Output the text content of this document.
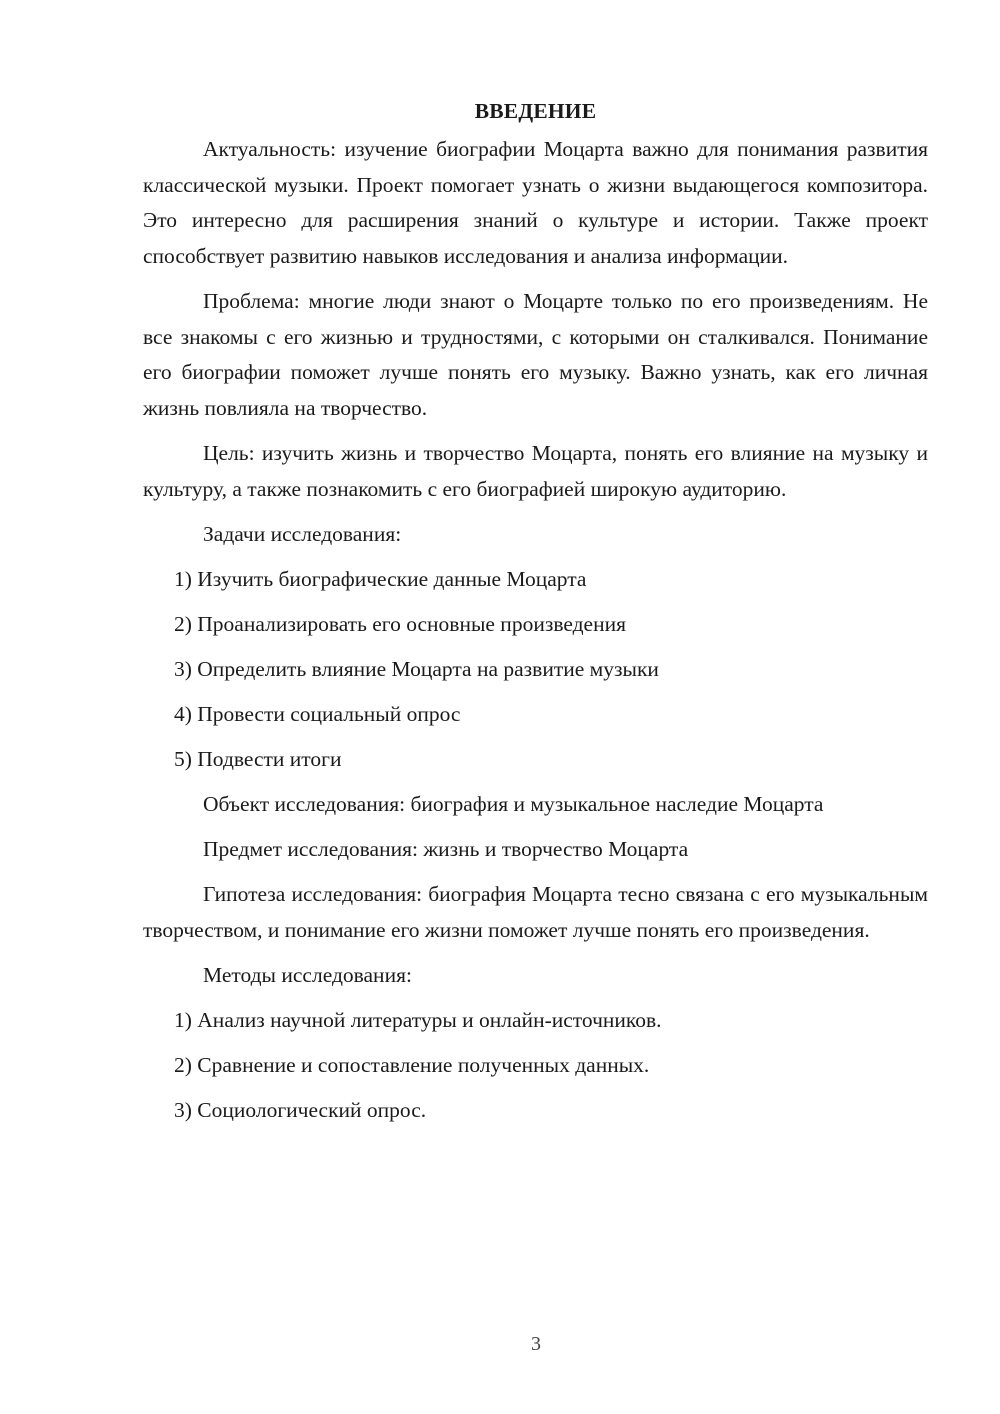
ВВЕДЕНИЕ

Актуальность: изучение биографии Моцарта важно для понимания развития классической музыки. Проект помогает узнать о жизни выдающегося композитора. Это интересно для расширения знаний о культуре и истории. Также проект способствует развитию навыков исследования и анализа информации.

Проблема: многие люди знают о Моцарте только по его произведениям. Не все знакомы с его жизнью и трудностями, с которыми он сталкивался. Понимание его биографии поможет лучше понять его музыку. Важно узнать, как его личная жизнь повлияла на творчество.

Цель: изучить жизнь и творчество Моцарта, понять его влияние на музыку и культуру, а также познакомить с его биографией широкую аудиторию.

Задачи исследования:
1) Изучить биографические данные Моцарта
2) Проанализировать его основные произведения
3) Определить влияние Моцарта на развитие музыки
4) Провести социальный опрос
5) Подвести итоги
Объект исследования: биография и музыкальное наследие Моцарта
Предмет исследования: жизнь и творчество Моцарта

Гипотеза исследования: биография Моцарта тесно связана с его музыкальным творчеством, и понимание его жизни поможет лучше понять его произведения.

Методы исследования:
1) Анализ научной литературы и онлайн-источников.
2) Сравнение и сопоставление полученных данных.
3) Социологический опрос.
3
